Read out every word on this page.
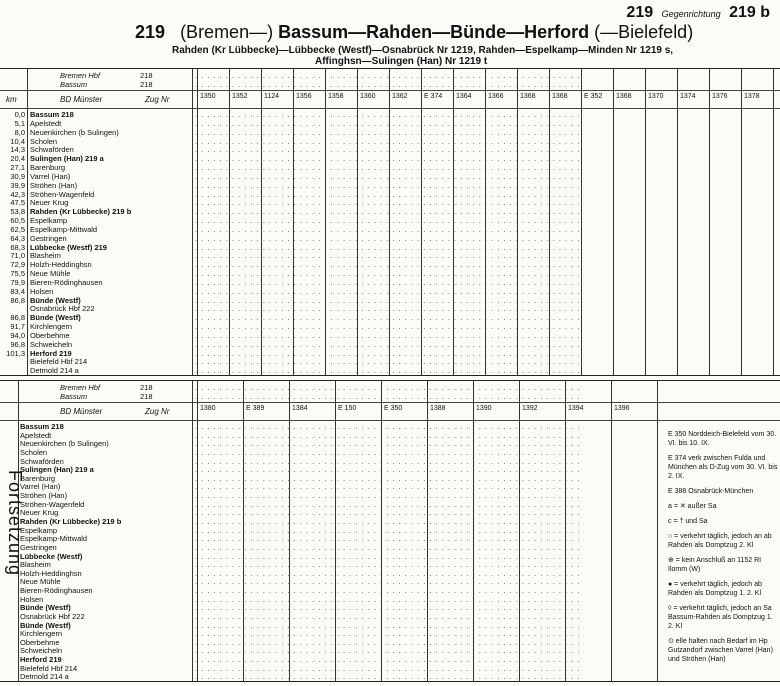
219 Gegenrichtung 219 b
219 (Bremen—) Bassum—Rahden—Bünde—Herford (—Bielefeld)
Rahden (Kr Lübbecke)—Lübbecke (Westf)—Osnabrück Nr 1219, Rahden—Espelkamp—Minden Nr 1219 s,
Affinghsn—Sulingen (Han) Nr 1219 t
Bremen Hbf	218	. . . . . . . . . . . . . . . . . . . . . . . . . . . . . . . . . . . . . . . . . . . . . . . . . . . . . . . . . . . . . . .
Bassum	218	. . . . . . . . . . . . . . . . . . . . . . . . . . . . . . . . . . . . . . . . . . . . . . . . . . . . . . . . . . . . . . .
BD Münster	Zug Nr
km	1350 1352 1124 1356 1358 1360 1362 E 374 1364 1366 1368 1368 E 352 1368 1370 1374 1376 1378
0,0 Bassum 218	. . . . . . . . . . . . . . . . . . . . . . . . . . . . . . . . . . . . . . . . . . . . . . . . . . . . . . . . . . . . . . .
5,1 Apelstedt	. . . . . . . . . . . . . . . . . . . . . . . . . . . . . . . . . . . . . . . . . . . . . . . . . . . . . . . . . . . . . . .
8,0 Neuenkirchen (b Sulingen)	. . . . . . . . . . . . . . . . . . . . . . . . . . . . . . . . . . . . . . . . . . . . . . . . . . . . . . . . . . . . . . .
10,4 Scholen	. . . . . . . . . . . . . . . . . . . . . . . . . . . . . . . . . . . . . . . . . . . . . . . . . . . . . . . . . . . . . . .
14,3 Schwaförden	. . . . . . . . . . . . . . . . . . . . . . . . . . . . . . . . . . . . . . . . . . . . . . . . . . . . . . . . . . . . . . .
20,4 Sulingen (Han) 219 a	. . . . . . . . . . . . . . . . . . . . . . . . . . . . . . . . . . . . . . . . . . . . . . . . . . . . . . . . . . . . . . .
27,1 Barenburg	. . . . . . . . . . . . . . . . . . . . . . . . . . . . . . . . . . . . . . . . . . . . . . . . . . . . . . . . . . . . . . .
30,9 Varrel (Han)	. . . . . . . . . . . . . . . . . . . . . . . . . . . . . . . . . . . . . . . . . . . . . . . . . . . . . . . . . . . . . . .
39,9 Ströhen (Han)	. . . . . . . . . . . . . . . . . . . . . . . . . . . . . . . . . . . . . . . . . . . . . . . . . . . . . . . . . . . . . . .
42,3 Ströhen-Wagenfeld	. . . . . . . . . . . . . . . . . . . . . . . . . . . . . . . . . . . . . . . . . . . . . . . . . . . . . . . . . . . . . . .
47,5 Neuer Krug	. . . . . . . . . . . . . . . . . . . . . . . . . . . . . . . . . . . . . . . . . . . . . . . . . . . . . . . . . . . . . . .
53,8 Rahden (Kr Lübbecke) 219 b	. . . . . . . . . . . . . . . . . . . . . . . . . . . . . . . . . . . . . . . . . . . . . . . . . . . . . . . . . . . . . . .
60,5 Espelkamp	. . . . . . . . . . . . . . . . . . . . . . . . . . . . . . . . . . . . . . . . . . . . . . . . . . . . . . . . . . . . . . .
62,5 Espelkamp-Mittwald	. . . . . . . . . . . . . . . . . . . . . . . . . . . . . . . . . . . . . . . . . . . . . . . . . . . . . . . . . . . . . . .
64,3 Gestringen	. . . . . . . . . . . . . . . . . . . . . . . . . . . . . . . . . . . . . . . . . . . . . . . . . . . . . . . . . . . . . . .
68,3 Lübbecke (Westf) 219	. . . . . . . . . . . . . . . . . . . . . . . . . . . . . . . . . . . . . . . . . . . . . . . . . . . . . . . . . . . . . . .
71,0 Blasheim	. . . . . . . . . . . . . . . . . . . . . . . . . . . . . . . . . . . . . . . . . . . . . . . . . . . . . . . . . . . . . . .
72,9 Holzh-Heddinghsn	. . . . . . . . . . . . . . . . . . . . . . . . . . . . . . . . . . . . . . . . . . . . . . . . . . . . . . . . . . . . . . .
75,5 Neue Mühle	. . . . . . . . . . . . . . . . . . . . . . . . . . . . . . . . . . . . . . . . . . . . . . . . . . . . . . . . . . . . . . .
79,9 Bieren-Rödinghausen	. . . . . . . . . . . . . . . . . . . . . . . . . . . . . . . . . . . . . . . . . . . . . . . . . . . . . . . . . . . . . . .
83,4 Holsen	. . . . . . . . . . . . . . . . . . . . . . . . . . . . . . . . . . . . . . . . . . . . . . . . . . . . . . . . . . . . . . .
86,8 Bünde (Westf)	. . . . . . . . . . . . . . . . . . . . . . . . . . . . . . . . . . . . . . . . . . . . . . . . . . . . . . . . . . . . . . .
Osnabrück Hbf 222	. . . . . . . . . . . . . . . . . . . . . . . . . . . . . . . . . . . . . . . . . . . . . . . . . . . . . . . . . . . . . . .
86,8 Bünde (Westf)	. . . . . . . . . . . . . . . . . . . . . . . . . . . . . . . . . . . . . . . . . . . . . . . . . . . . . . . . . . . . . . .
91,7 Kirchlengern	. . . . . . . . . . . . . . . . . . . . . . . . . . . . . . . . . . . . . . . . . . . . . . . . . . . . . . . . . . . . . . .
94,0 Oberbehme	. . . . . . . . . . . . . . . . . . . . . . . . . . . . . . . . . . . . . . . . . . . . . . . . . . . . . . . . . . . . . . .
96,8 Schweicheln	. . . . . . . . . . . . . . . . . . . . . . . . . . . . . . . . . . . . . . . . . . . . . . . . . . . . . . . . . . . . . . .
101,3 Herford 219	. . . . . . . . . . . . . . . . . . . . . . . . . . . . . . . . . . . . . . . . . . . . . . . . . . . . . . . . . . . . . . .
Bielefeld Hbf 214	. . . . . . . . . . . . . . . . . . . . . . . . . . . . . . . . . . . . . . . . . . . . . . . . . . . . . . . . . . . . . . .
Detmold 214 a	. . . . . . . . . . . . . . . . . . . . . . . . . . . . . . . . . . . . . . . . . . . . . . . . . . . . . . . . . . . . . . .
Bremen Hbf	218	. . . . . . . . . . . . . . . . . . . . . . . . . . . . . . . . . . . . . . . . . . . . . . . . . . . . . . . . . . . . . . .
Bassum	218	. . . . . . . . . . . . . . . . . . . . . . . . . . . . . . . . . . . . . . . . . . . . . . . . . . . . . . . . . . . . . . .
BD Münster	Zug Nr	1380	E 389	1384	E 150	E 350	1388	1390	1392	1394	1396
Bassum 218	. . . . . . . . . . . . . . . . . . . . . . . . . . . . . . . . . . . . . . . . . . . . . . . . . . . . . . . . . . . . . . .
Apelstedt	. . . . . . . . . . . . . . . . . . . . . . . . . . . . . . . . . . . . . . . . . . . . . . . . . . . . . . . . . . . . . . .
Neuenkirchen (b Sulingen)	. . . . . . . . . . . . . . . . . . . . . . . . . . . . . . . . . . . . . . . . . . . . . . . . . . . . . . . . . . . . . . .
Scholen	. . . . . . . . . . . . . . . . . . . . . . . . . . . . . . . . . . . . . . . . . . . . . . . . . . . . . . . . . . . . . . .
Schwaförden	. . . . . . . . . . . . . . . . . . . . . . . . . . . . . . . . . . . . . . . . . . . . . . . . . . . . . . . . . . . . . . .
Sulingen (Han) 219 a	. . . . . . . . . . . . . . . . . . . . . . . . . . . . . . . . . . . . . . . . . . . . . . . . . . . . . . . . . . . . . . .
Barenburg	. . . . . . . . . . . . . . . . . . . . . . . . . . . . . . . . . . . . . . . . . . . . . . . . . . . . . . . . . . . . . . .
Varrel (Han)	. . . . . . . . . . . . . . . . . . . . . . . . . . . . . . . . . . . . . . . . . . . . . . . . . . . . . . . . . . . . . . .
Ströhen (Han)	. . . . . . . . . . . . . . . . . . . . . . . . . . . . . . . . . . . . . . . . . . . . . . . . . . . . . . . . . . . . . . .
Ströhen-Wagenfeld	. . . . . . . . . . . . . . . . . . . . . . . . . . . . . . . . . . . . . . . . . . . . . . . . . . . . . . . . . . . . . . .
Neuer Krug	. . . . . . . . . . . . . . . . . . . . . . . . . . . . . . . . . . . . . . . . . . . . . . . . . . . . . . . . . . . . . . .
Rahden (Kr Lübbecke) 219 b	. . . . . . . . . . . . . . . . . . . . . . . . . . . . . . . . . . . . . . . . . . . . . . . . . . . . . . . . . . . . . . .
Espelkamp	. . . . . . . . . . . . . . . . . . . . . . . . . . . . . . . . . . . . . . . . . . . . . . . . . . . . . . . . . . . . . . .
Espelkamp-Mittwald	. . . . . . . . . . . . . . . . . . . . . . . . . . . . . . . . . . . . . . . . . . . . . . . . . . . . . . . . . . . . . . .
Gestringen	. . . . . . . . . . . . . . . . . . . . . . . . . . . . . . . . . . . . . . . . . . . . . . . . . . . . . . . . . . . . . . .
Lübbecke (Westf)	. . . . . . . . . . . . . . . . . . . . . . . . . . . . . . . . . . . . . . . . . . . . . . . . . . . . . . . . . . . . . . .
Blasheim	. . . . . . . . . . . . . . . . . . . . . . . . . . . . . . . . . . . . . . . . . . . . . . . . . . . . . . . . . . . . . . .
Holzh-Heddinghsn	. . . . . . . . . . . . . . . . . . . . . . . . . . . . . . . . . . . . . . . . . . . . . . . . . . . . . . . . . . . . . . .
Neue Mühle	. . . . . . . . . . . . . . . . . . . . . . . . . . . . . . . . . . . . . . . . . . . . . . . . . . . . . . . . . . . . . . .
Bieren-Rödinghausen	. . . . . . . . . . . . . . . . . . . . . . . . . . . . . . . . . . . . . . . . . . . . . . . . . . . . . . . . . . . . . . .
Holsen	. . . . . . . . . . . . . . . . . . . . . . . . . . . . . . . . . . . . . . . . . . . . . . . . . . . . . . . . . . . . . . .
Bünde (Westf)	. . . . . . . . . . . . . . . . . . . . . . . . . . . . . . . . . . . . . . . . . . . . . . . . . . . . . . . . . . . . . . .
Osnabrück Hbf 222	. . . . . . . . . . . . . . . . . . . . . . . . . . . . . . . . . . . . . . . . . . . . . . . . . . . . . . . . . . . . . . .
Bünde (Westf)	. . . . . . . . . . . . . . . . . . . . . . . . . . . . . . . . . . . . . . . . . . . . . . . . . . . . . . . . . . . . . . .
Kirchlengern	. . . . . . . . . . . . . . . . . . . . . . . . . . . . . . . . . . . . . . . . . . . . . . . . . . . . . . . . . . . . . . .
Oberbehme	. . . . . . . . . . . . . . . . . . . . . . . . . . . . . . . . . . . . . . . . . . . . . . . . . . . . . . . . . . . . . . .
Schweicheln	. . . . . . . . . . . . . . . . . . . . . . . . . . . . . . . . . . . . . . . . . . . . . . . . . . . . . . . . . . . . . . .
Herford 219	. . . . . . . . . . . . . . . . . . . . . . . . . . . . . . . . . . . . . . . . . . . . . . . . . . . . . . . . . . . . . . .
Bielefeld Hbf 214	. . . . . . . . . . . . . . . . . . . . . . . . . . . . . . . . . . . . . . . . . . . . . . . . . . . . . . . . . . . . . . .
Detmold 214 a	. . . . . . . . . . . . . . . . . . . . . . . . . . . . . . . . . . . . . . . . . . . . . . . . . . . . . . . . . . . . . . .
Fortsetzung
E 350 Norddeich-Bielefeld vom 30. VI. bis 10. IX.
E 374 verk zwischen Fulda und München als D-Zug vom 30. VI. bis 2. IX.
E 388 Osnabrück-München
a = ✕ außer Sa
c = † und Sa
○ = verkehrt täglich, jedoch an ab Rahden als Domptzug 2. Kl
⊕ = kein Anschluß an 1152 RI Ilomm (W)
● = verkehrt täglich, jedoch ab Rahden als Domptzug 1. 2. Kl
◊ = verkehrt täglich, jedoch an Sa Bassum-Rahden als Domptzug 1. 2. Kl
⊙ elle halten nach Bedarf im Hp Gutzandorf zwischen Varrel (Han) und Ströhen (Han)
